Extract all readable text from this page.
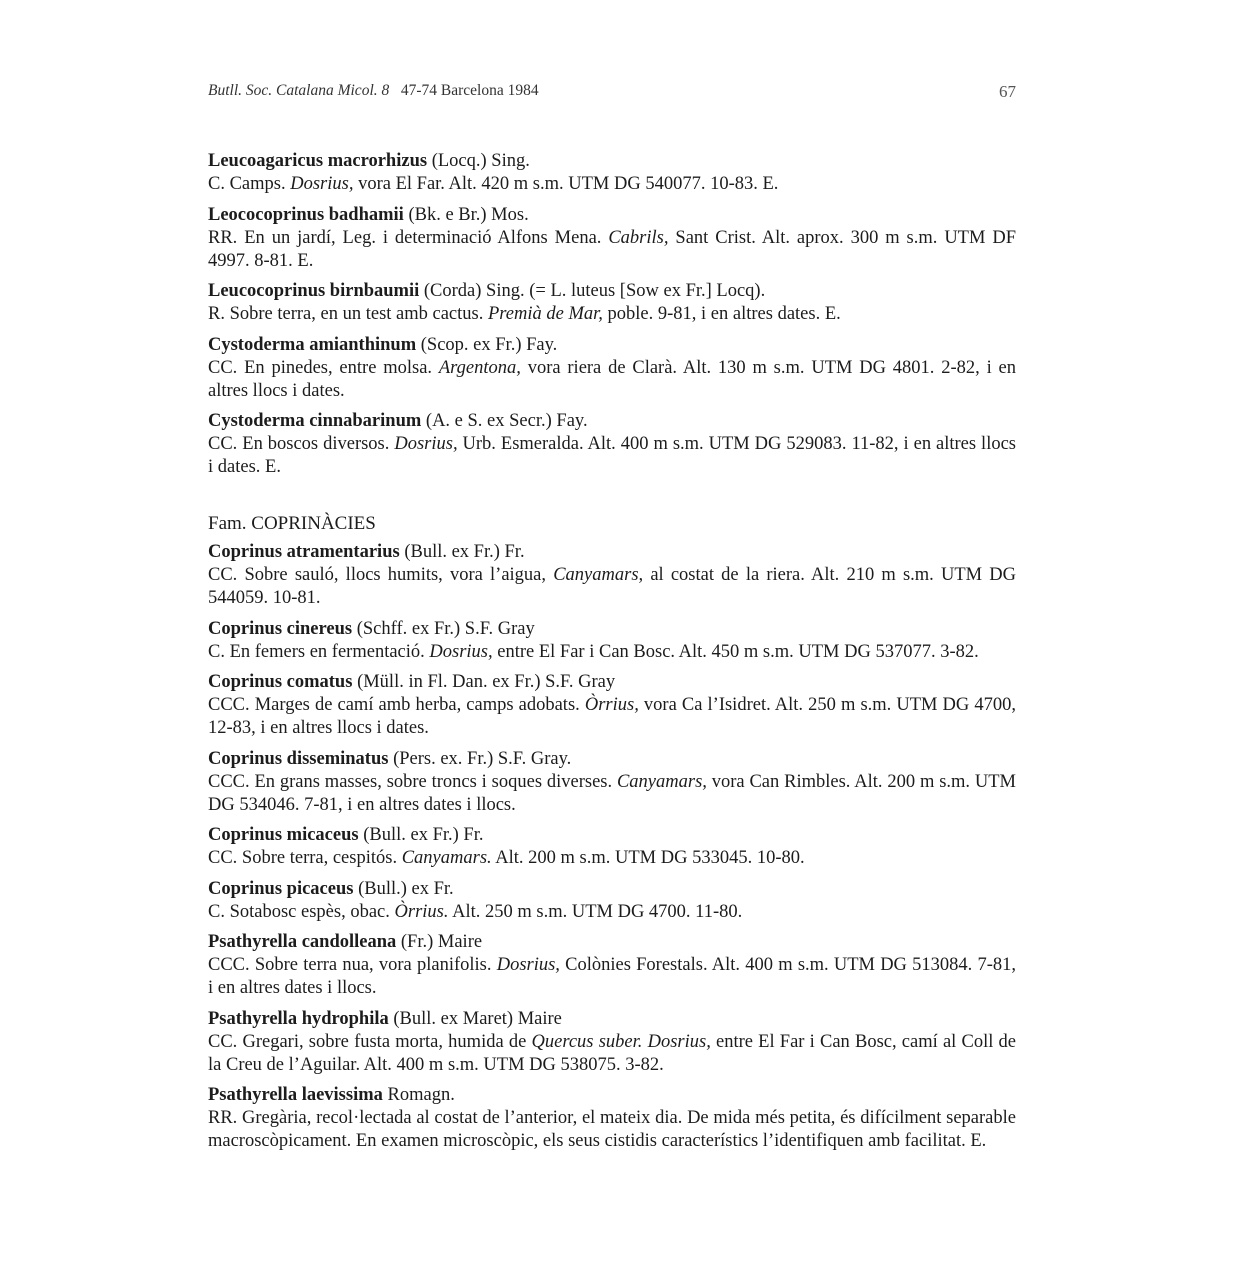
Butll. Soc. Catalana Micol. 8 47-74 Barcelona 1984	67
Leucoagaricus macrorhizus (Locq.) Sing.

C. Camps. Dosrius, vora El Far. Alt. 420 m s.m. UTM DG 540077. 10-83. E.

Leococoprinus badhamii (Bk. e Br.) Mos.

RR. En un jardí, Leg. i determinació Alfons Mena. Cabrils, Sant Crist. Alt. aprox. 300 m s.m. UTM DF 4997. 8-81. E.

Leucocoprinus birnbaumii (Corda) Sing. (= L. luteus [Sow ex Fr.] Locq).

R. Sobre terra, en un test amb cactus. Premià de Mar, poble. 9-81, i en altres dates. E.

Cystoderma amianthinum (Scop. ex Fr.) Fay.

CC. En pinedes, entre molsa. Argentona, vora riera de Clarà. Alt. 130 m s.m. UTM DG 4801. 2-82, i en altres llocs i dates.

Cystoderma cinnabarinum (A. e S. ex Secr.) Fay.

CC. En boscos diversos. Dosrius, Urb. Esmeralda. Alt. 400 m s.m. UTM DG 529083. 11-82, i en altres llocs i dates. E.

Fam. COPRINÀCIES
Coprinus atramentarius (Bull. ex Fr.) Fr.

CC. Sobre sauló, llocs humits, vora l’aigua, Canyamars, al costat de la riera. Alt. 210 m s.m. UTM DG 544059. 10-81.

Coprinus cinereus (Schff. ex Fr.) S.F. Gray

C. En femers en fermentació. Dosrius, entre El Far i Can Bosc. Alt. 450 m s.m. UTM DG 537077. 3-82.

Coprinus comatus (Müll. in Fl. Dan. ex Fr.) S.F. Gray

CCC. Marges de camí amb herba, camps adobats. Òrrius, vora Ca l’Isidret. Alt. 250 m s.m. UTM DG 4700, 12-83, i en altres llocs i dates.

Coprinus disseminatus (Pers. ex. Fr.) S.F. Gray.

CCC. En grans masses, sobre troncs i soques diverses. Canyamars, vora Can Rimbles. Alt. 200 m s.m. UTM DG 534046. 7-81, i en altres dates i llocs.

Coprinus micaceus (Bull. ex Fr.) Fr.

CC. Sobre terra, cespitós. Canyamars. Alt. 200 m s.m. UTM DG 533045. 10-80.

Coprinus picaceus (Bull.) ex Fr.

C. Sotabosc espès, obac. Òrrius. Alt. 250 m s.m. UTM DG 4700. 11-80.

Psathyrella candolleana (Fr.) Maire

CCC. Sobre terra nua, vora planifolis. Dosrius, Colònies Forestals. Alt. 400 m s.m. UTM DG 513084. 7-81, i en altres dates i llocs.

Psathyrella hydrophila (Bull. ex Maret) Maire

CC. Gregari, sobre fusta morta, humida de Quercus suber. Dosrius, entre El Far i Can Bosc, camí al Coll de la Creu de l’Aguilar. Alt. 400 m s.m. UTM DG 538075. 3-82.

Psathyrella laevissima Romagn.

RR. Gregària, recol·lectada al costat de l’anterior, el mateix dia. De mida més petita, és difícilment separable macroscòpicament. En examen microscòpic, els seus cistidis característics l’identifiquen amb facilitat. E.
